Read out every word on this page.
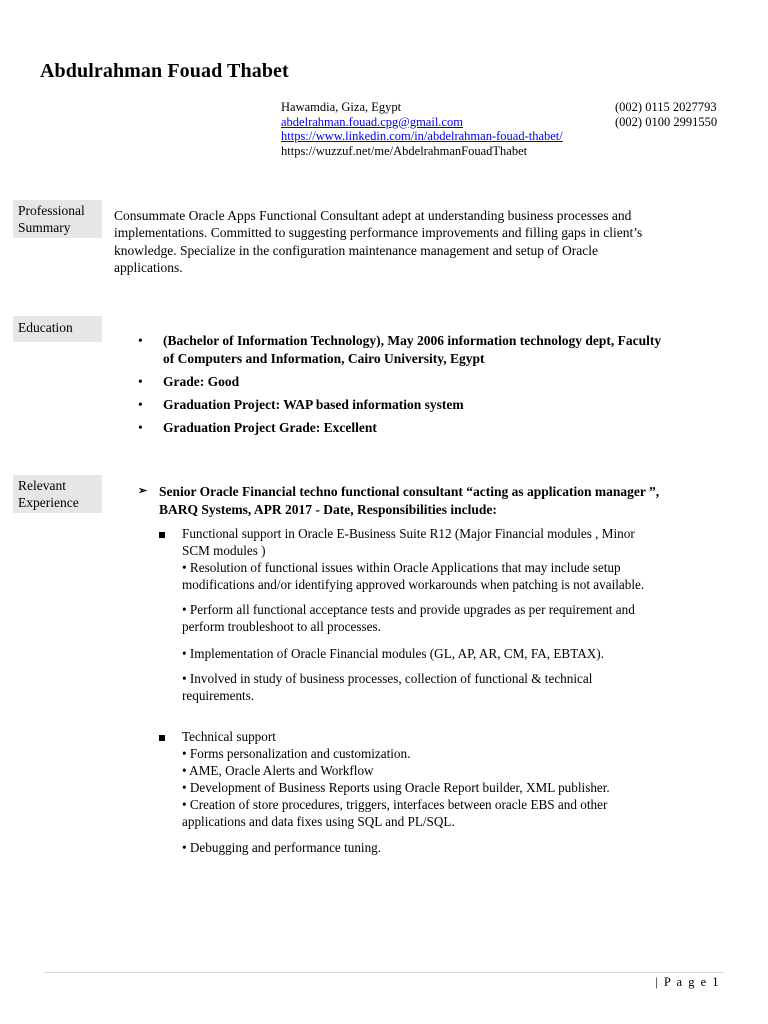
Abdulrahman Fouad Thabet
Hawamdia, Giza, Egypt
abdelrahman.fouad.cpg@gmail.com
https://www.linkedin.com/in/abdelrahman-fouad-thabet/
https://wuzzuf.net/me/AbdelrahmanFouadThabet
(002) 0115 2027793
(002) 0100 2991550
Professional
Summary
Consummate Oracle Apps Functional Consultant adept at understanding business processes and
implementations. Committed to suggesting performance improvements and filling gaps in client’s
knowledge. Specialize in the configuration maintenance management and setup of Oracle
applications.
Education
• (Bachelor of Information Technology), May 2006 information technology dept, Faculty
of Computers and Information, Cairo University, Egypt
• Grade: Good
• Graduation Project: WAP based information system
• Graduation Project Grade: Excellent
Relevant
Experience
➢ Senior Oracle Financial techno functional consultant “acting as application manager ”,
BARQ Systems, APR 2017 - Date, Responsibilities include:
Functional support in Oracle E-Business Suite R12 (Major Financial modules , Minor
SCM modules )
• Resolution of functional issues within Oracle Applications that may include setup
modifications and/or identifying approved workarounds when patching is not available.
• Perform all functional acceptance tests and provide upgrades as per requirement and
perform troubleshoot to all processes.
• Implementation of Oracle Financial modules (GL, AP, AR, CM, FA, EBTAX).
• Involved in study of business processes, collection of functional & technical
requirements.
Technical support
• Forms personalization and customization.
• AME, Oracle Alerts and Workflow
• Development of Business Reports using Oracle Report builder, XML publisher.
• Creation of store procedures, triggers, interfaces between oracle EBS and other
applications and data fixes using SQL and PL/SQL.
• Debugging and performance tuning.
| P a g e 1
